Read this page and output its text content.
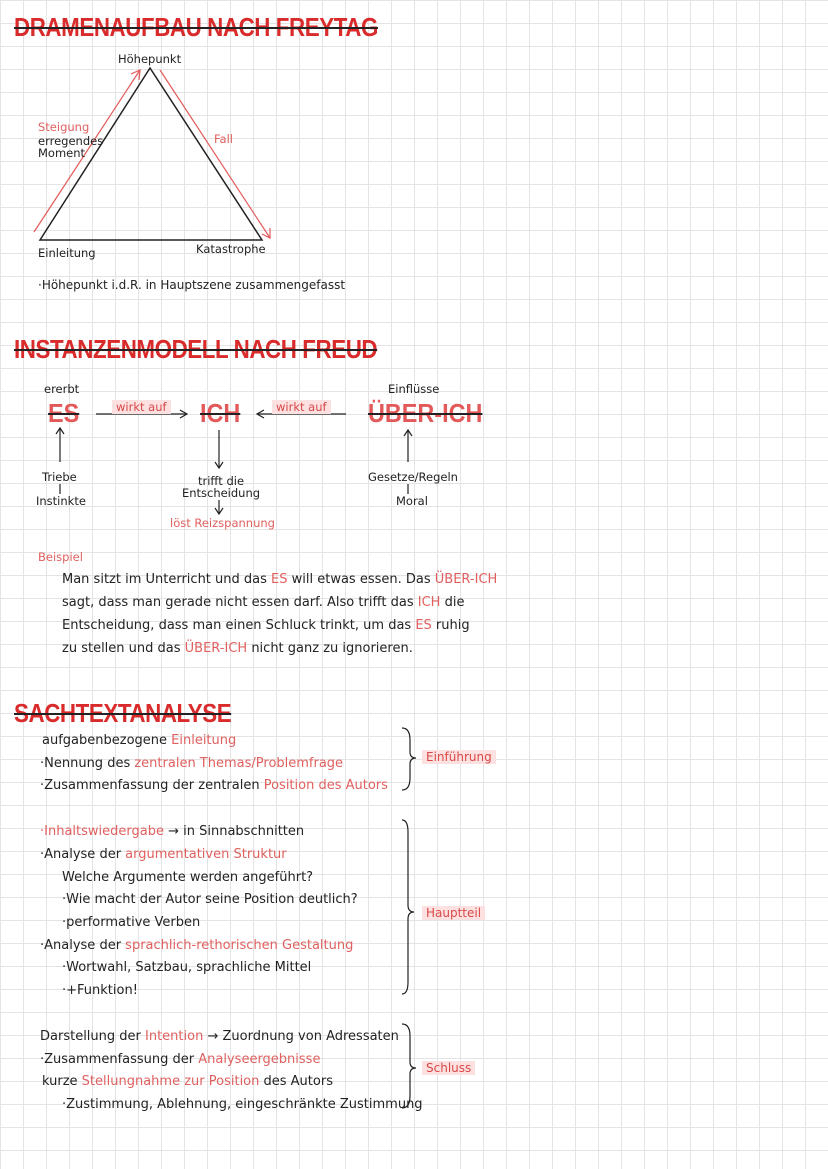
DRAMENAUFBAU NACH FREYTAG
Höhepunkt
Steigung
erregendes
Moment
Fall
Einleitung	Katastrophe
·Höhepunkt i.d.R. in Hauptszene zusammengefasst
INSTANZENMODELL NACH FREUD
ererbt
ES	wirkt auf ICH	wirkt auf
Einflüsse
ÜBER-ICH
Triebe
Instinkte
trifft die
Entscheidung
löst Reizspannung
Gesetze/Regeln
Moral
Beispiel
Man sitzt im Unterricht und das ES will etwas essen. Das ÜBER-ICH
sagt, dass man gerade nicht essen darf. Also trifft das ICH die
Entscheidung, dass man einen Schluck trinkt, um das ES ruhig
zu stellen und das ÜBER-ICH nicht ganz zu ignorieren.
SACHTEXTANALYSE
aufgabenbezogene Einleitung
·Nennung des zentralen Themas/Problemfrage
·Zusammenfassung der zentralen Position des Autors
Einführung
·Inhaltswiedergabe → in Sinnabschnitten
·Analyse der argumentativen Struktur
Welche Argumente werden angeführt?
·Wie macht der Autor seine Position deutlich?
·performative Verben
·Analyse der sprachlich-rethorischen Gestaltung
·Wortwahl, Satzbau, sprachliche Mittel
·+Funktion!
Hauptteil
Darstellung der Intention → Zuordnung von Adressaten
·Zusammenfassung der Analyseergebnisse
kurze Stellungnahme zur Position des Autors
·Zustimmung, Ablehnung, eingeschränkte Zustimmung
Schluss
